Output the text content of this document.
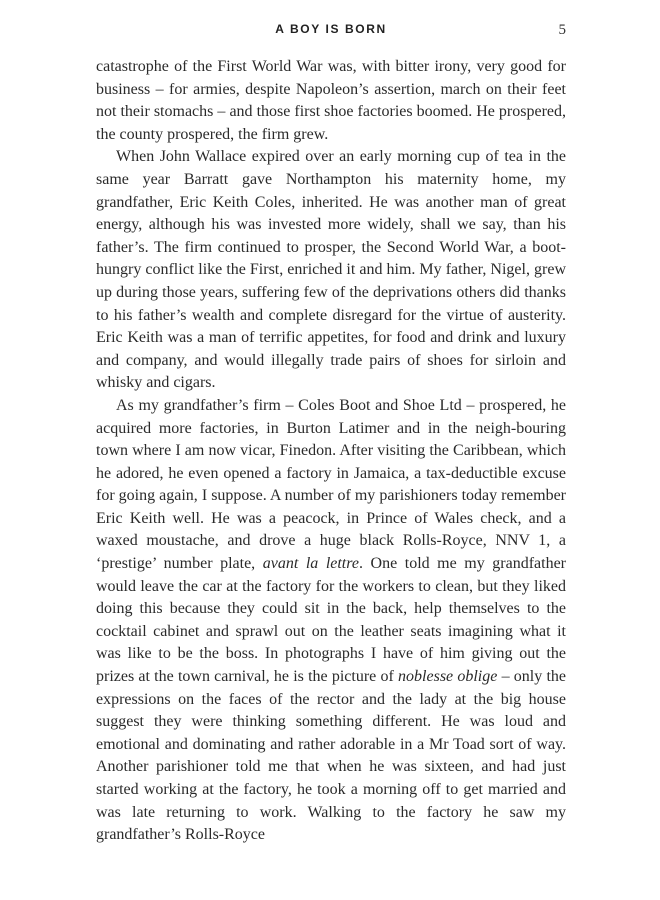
A BOY IS BORN	5

catastrophe of the First World War was, with bitter irony, very good for business – for armies, despite Napoleon’s assertion, march on their feet not their stomachs – and those first shoe factories boomed. He prospered, the county prospered, the firm grew.

When John Wallace expired over an early morning cup of tea in the same year Barratt gave Northampton his maternity home, my grandfather, Eric Keith Coles, inherited. He was another man of great energy, although his was invested more widely, shall we say, than his father’s. The firm continued to prosper, the Second World War, a boot-hungry conflict like the First, enriched it and him. My father, Nigel, grew up during those years, suffering few of the deprivations others did thanks to his father’s wealth and complete disregard for the virtue of austerity. Eric Keith was a man of terrific appetites, for food and drink and luxury and company, and would illegally trade pairs of shoes for sirloin and whisky and cigars.

As my grandfather’s firm – Coles Boot and Shoe Ltd – prospered, he acquired more factories, in Burton Latimer and in the neigh-bouring town where I am now vicar, Finedon. After visiting the Caribbean, which he adored, he even opened a factory in Jamaica, a tax-deductible excuse for going again, I suppose. A number of my parishioners today remember Eric Keith well. He was a peacock, in Prince of Wales check, and a waxed moustache, and drove a huge black Rolls-Royce, NNV 1, a ‘prestige’ number plate, avant la lettre. One told me my grandfather would leave the car at the factory for the workers to clean, but they liked doing this because they could sit in the back, help themselves to the cocktail cabinet and sprawl out on the leather seats imagining what it was like to be the boss. In photographs I have of him giving out the prizes at the town carnival, he is the picture of noblesse oblige – only the expressions on the faces of the rector and the lady at the big house suggest they were thinking something different. He was loud and emotional and dominating and rather adorable in a Mr Toad sort of way. Another parishioner told me that when he was sixteen, and had just started working at the factory, he took a morning off to get married and was late returning to work. Walking to the factory he saw my grandfather’s Rolls-Royce
